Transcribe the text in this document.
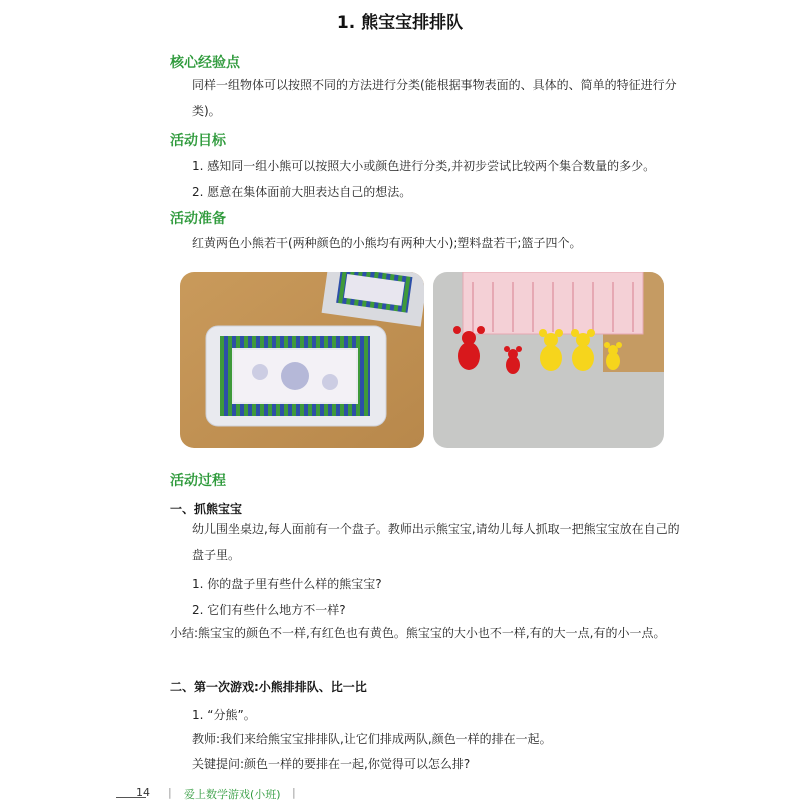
1. 熊宝宝排排队
核心经验点
同样一组物体可以按照不同的方法进行分类(能根据事物表面的、具体的、简单的特征进行分类)。
活动目标
1. 感知同一组小熊可以按照大小或颜色进行分类,并初步尝试比较两个集合数量的多少。
2. 愿意在集体面前大胆表达自己的想法。
活动准备
红黄两色小熊若干(两种颜色的小熊均有两种大小);塑料盘若干;篮子四个。
活动过程
一、抓熊宝宝
幼儿围坐桌边,每人面前有一个盘子。教师出示熊宝宝,请幼儿每人抓取一把熊宝宝放在自己的盘子里。
1. 你的盘子里有些什么样的熊宝宝?
2. 它们有些什么地方不一样?
小结:熊宝宝的颜色不一样,有红色也有黄色。熊宝宝的大小也不一样,有的大一点,有的小一点。
二、第一次游戏:小熊排排队、比一比
1. “分熊”。
教师:我们来给熊宝宝排排队,让它们排成两队,颜色一样的排在一起。
关键提问:颜色一样的要排在一起,你觉得可以怎么排?
14 | 爱上数学游戏(小班) |
